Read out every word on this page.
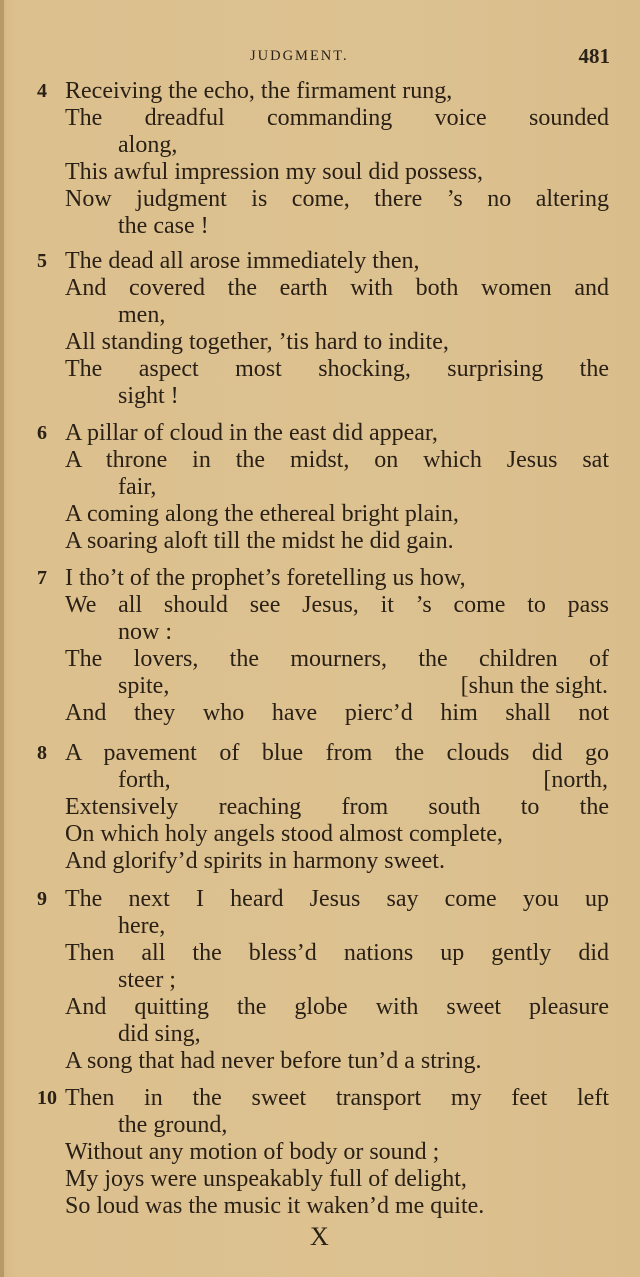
JUDGMENT.	481
4 Receiving the echo, the firmament rung,
The dreadful commanding voice sounded
along,
This awful impression my soul did possess,
Now judgment is come, there ’s no altering
the case !
5 The dead all arose immediately then,
And covered the earth with both women and
men,
All standing together, ’tis hard to indite,
The aspect most shocking, surprising the
sight !
6 A pillar of cloud in the east did appear,
A throne in the midst, on which Jesus sat
fair,
A coming along the ethereal bright plain,
A soaring aloft till the midst he did gain.
7 I tho’t of the prophet’s foretelling us how,
We all should see Jesus, it ’s come to pass
now :
The lovers, the mourners, the children of
spite,	[shun the sight.
And they who have pierc’d him shall not
8 A pavement of blue from the clouds did go
forth,	[north,
Extensively reaching from south to the
On which holy angels stood almost complete,
And glorify’d spirits in harmony sweet.
9 The next I heard Jesus say come you up
here,
Then all the bless’d nations up gently did
steer ;
And quitting the globe with sweet pleasure
did sing,
A song that had never before tun’d a string.
10 Then in the sweet transport my feet left
the ground,
Without any motion of body or sound ;
My joys were unspeakably full of delight,
So loud was the music it waken’d me quite.
X
